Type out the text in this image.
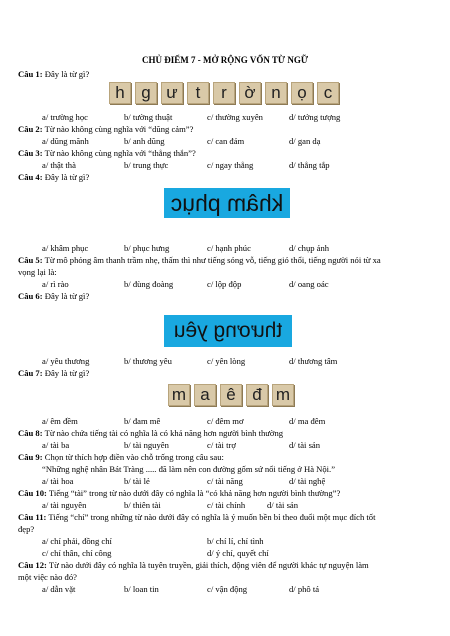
CHỦ ĐIỂM 7 - MỞ RỘNG VỐN TỪ NGỮ
Câu 1: Đây là từ gì?
h g ư	t	r	ờ n ọ	c
a/ trường học	b/ tường thuật	c/ thường xuyên	d/ tưởng tượng
Câu 2: Từ nào không cùng nghĩa với “dũng cảm”?
a/ dũng mãnh	b/ anh dũng	c/ can đảm	d/ gan dạ
Câu 3: Từ nào không cùng nghĩa với “thẳng thắn”?
a/ thật thà	b/ trung thực	c/ ngay thẳng	d/ thẳng tắp
Câu 4: Đây là từ gì?
khâm phục
a/ khâm phục	b/ phục hưng	c/ hạnh phúc	d/ chụp ảnh
Câu 5: Từ mô phỏng âm thanh trầm nhẹ, thấm thì như tiếng sóng vỗ, tiếng gió thổi, tiếng người nói từ xa
vọng lại là:
a/ rì rào	b/ đùng đoàng	c/ lộp độp	d/ oang oác
Câu 6: Đây là từ gì?
thương yêu
a/ yêu thương	b/ thương yêu	c/ yên lòng	d/ thương tâm
Câu 7: Đây là từ gì?
m a ê đ m
a/ êm đềm	b/ đam mê	c/ đêm mơ	d/ ma đêm
Câu 8: Từ nào chứa tiếng tài có nghĩa là có khả năng hơn người bình thường
a/ tài ba	b/ tài nguyên	c/ tài trợ	d/ tài sản
Câu 9: Chọn từ thích hợp điền vào chỗ trống trong câu sau:
“Những nghệ nhân Bát Tràng ..... đã làm nên con đường gốm sứ nổi tiếng ở Hà Nội.”
a/ tài hoa	b/ tài lẻ	c/ tài năng	d/ tài nghệ
Câu 10: Tiếng “tài” trong từ nào dưới đây có nghĩa là “có khả năng hơn người bình thường”?
a/ tài nguyên	b/ thiên tài	c/ tài chính	d/ tài sản
Câu 11: Tiếng “chí” trong những từ nào dưới đây có nghĩa là ý muốn bền bỉ theo đuổi một mục đích tốt
đẹp?
a/ chí phải, đồng chí	b/ chí lí, chí tình
c/ chí thân, chí công	d/ ý chí, quyết chí
Câu 12: Từ nào dưới đây có nghĩa là tuyên truyền, giải thích, động viên để người khác tự nguyện làm
một việc nào đó?
a/ dẫn vặt	b/ loan tin	c/ vận động	d/ phô tá
